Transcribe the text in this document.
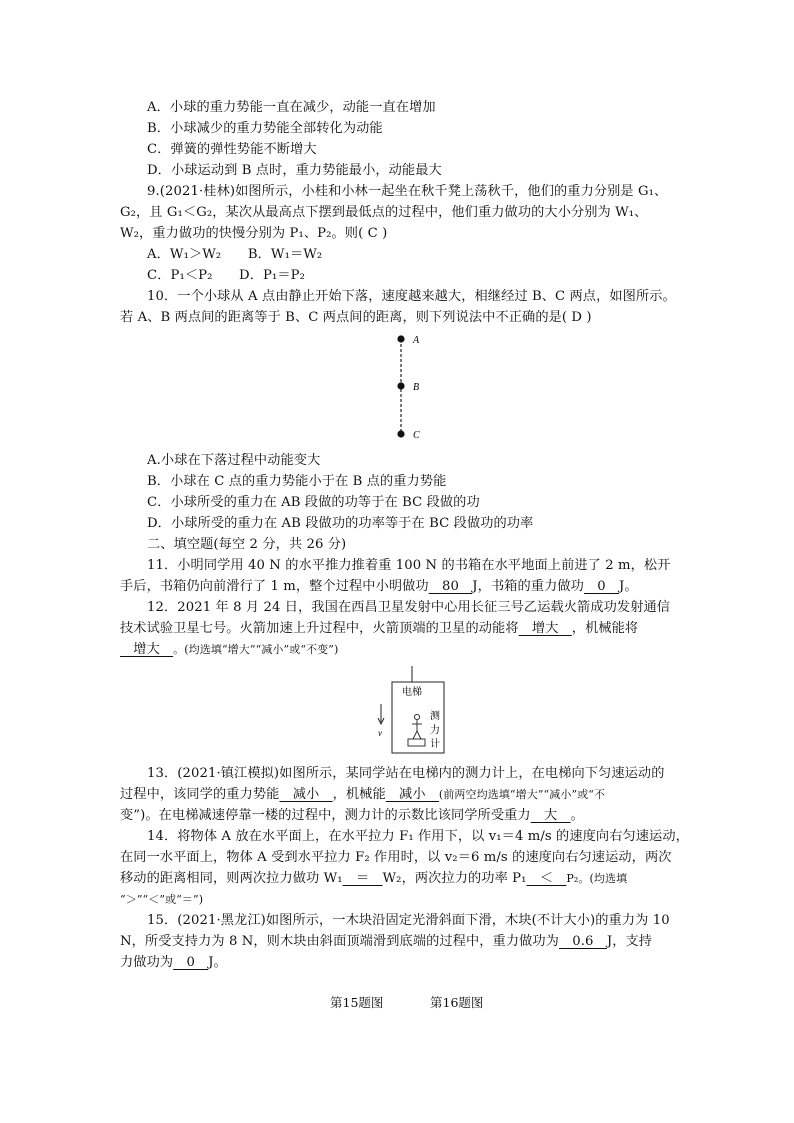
A．小球的重力势能一直在减少，动能一直在增加
B．小球减少的重力势能全部转化为动能
C．弹簧的弹性势能不断增大
D．小球运动到 B 点时，重力势能最小，动能最大
9.(2021·桂林)如图所示，小桂和小林一起坐在秋千凳上荡秋千，他们的重力分别是 G₁、
G₂，且 G₁＜G₂，某次从最高点下摆到最低点的过程中，他们重力做功的大小分别为 W₁、
W₂，重力做功的快慢分别为 P₁、P₂。则( C )
A．W₁＞W₂　　B．W₁＝W₂
C．P₁＜P₂　　D．P₁＝P₂
10．一个小球从 A 点由静止开始下落，速度越来越大，相继经过 B、C 两点，如图所示。
若 A、B 两点间的距离等于 B、C 两点间的距离，则下列说法中不正确的是( D )
A
B
C
A.小球在下落过程中动能变大
B．小球在 C 点的重力势能小于在 B 点的重力势能
C．小球所受的重力在 AB 段做的功等于在 BC 段做的功
D．小球所受的重力在 AB 段做功的功率等于在 BC 段做功的功率
二、填空题(每空 2 分，共 26 分)
11．小明同学用 40 N 的水平推力推着重 100 N 的书箱在水平地面上前进了 2 m，松开
手后，书箱仍向前滑行了 1 m，整个过程中小明做功　80　J，书箱的重力做功　0　J。
12．2021 年 8 月 24 日，我国在西昌卫星发射中心用长征三号乙运载火箭成功发射通信
技术试验卫星七号。火箭加速上升过程中，火箭顶端的卫星的动能将　增大　，机械能将
　增大　。(均选填“增大”“减小”或“不变”)
电梯
v
测
力
计
13．(2021·镇江模拟)如图所示，某同学站在电梯内的测力计上，在电梯向下匀速运动的
过程中，该同学的重力势能　减小　，机械能　减小　(前两空均选填“增大”“减小”或“不
变”)。在电梯减速停靠一楼的过程中，测力计的示数比该同学所受重力　大　。
14．将物体 A 放在水平面上，在水平拉力 F₁ 作用下，以 v₁＝4 m/s 的速度向右匀速运动，
在同一水平面上，物体 A 受到水平拉力 F₂ 作用时，以 v₂＝6 m/s 的速度向右匀速运动，两次
移动的距离相同，则两次拉力做功 W₁　＝　W₂，两次拉力的功率 P₁　＜　P₂。(均选填
“＞”“＜”或“＝”)
15．(2021·黑龙江)如图所示，一木块沿固定光滑斜面下滑，木块(不计大小)的重力为 10
N，所受支持力为 8 N，则木块由斜面顶端滑到底端的过程中，重力做功为　0.6　J，支持
力做功为　0　J。
第15题图	第16题图
